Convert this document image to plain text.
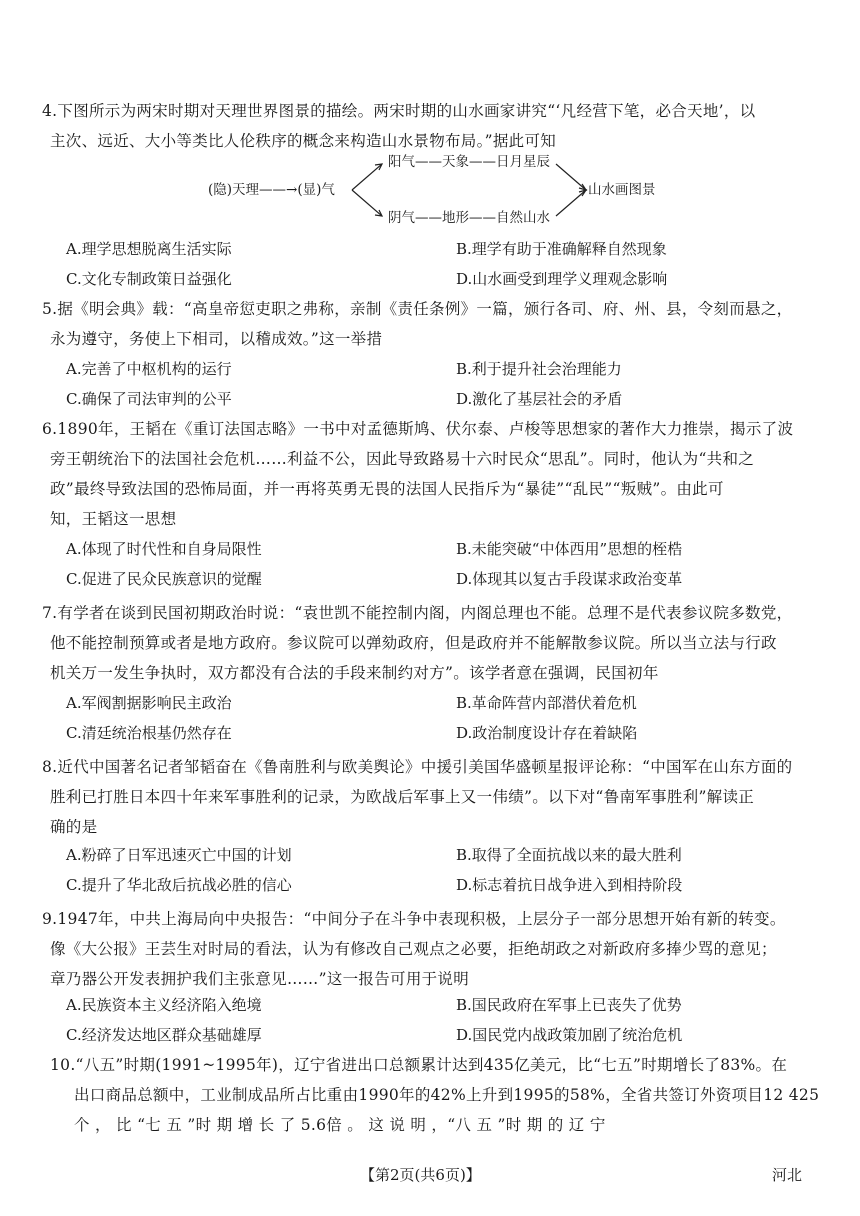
4.下图所示为两宋时期对天理世界图景的描绘。两宋时期的山水画家讲究“‘凡经营下笔，必合天地’，以
主次、远近、大小等类比人伦秩序的概念来构造山水景物布局。”据此可知
(隐)天理——→(显)气
阳气——天象——日月星辰
阴气——地形——自然山水
山水画图景
A.理学思想脱离生活实际	B.理学有助于准确解释自然现象
C.文化专制政策日益强化	D.山水画受到理学义理观念影响
5.据《明会典》载：“高皇帝愆吏职之弗称，亲制《责任条例》一篇，颁行各司、府、州、县，令刻而悬之，
永为遵守，务使上下相司，以稽成效。”这一举措
A.完善了中枢机构的运行	B.利于提升社会治理能力
C.确保了司法审判的公平	D.激化了基层社会的矛盾
6.1890年，王韬在《重订法国志略》一书中对孟德斯鸠、伏尔泰、卢梭等思想家的著作大力推崇，揭示了波
旁王朝统治下的法国社会危机……利益不公，因此导致路易十六时民众“思乱”。同时，他认为“共和之
政”最终导致法国的恐怖局面，并一再将英勇无畏的法国人民指斥为“暴徒”“乱民”“叛贼”。由此可
知，王韬这一思想
A.体现了时代性和自身局限性	B.未能突破“中体西用”思想的桎梏
C.促进了民众民族意识的觉醒	D.体现其以复古手段谋求政治变革
7.有学者在谈到民国初期政治时说：“袁世凯不能控制内阁，内阁总理也不能。总理不是代表参议院多数党，
他不能控制预算或者是地方政府。参议院可以弹劾政府，但是政府并不能解散参议院。所以当立法与行政
机关万一发生争执时，双方都没有合法的手段来制约对方”。该学者意在强调，民国初年
A.军阀割据影响民主政治	B.革命阵营内部潜伏着危机
C.清廷统治根基仍然存在	D.政治制度设计存在着缺陷
8.近代中国著名记者邹韬奋在《鲁南胜利与欧美舆论》中援引美国华盛顿星报评论称：“中国军在山东方面的
胜利已打胜日本四十年来军事胜利的记录，为欧战后军事上又一伟绩”。以下对“鲁南军事胜利”解读正
确的是
A.粉碎了日军迅速灭亡中国的计划	B.取得了全面抗战以来的最大胜利
C.提升了华北敌后抗战必胜的信心	D.标志着抗日战争进入到相持阶段
9.1947年，中共上海局向中央报告：“中间分子在斗争中表现积极，上层分子一部分思想开始有新的转变。
像《大公报》王芸生对时局的看法，认为有修改自己观点之必要，拒绝胡政之对新政府多捧少骂的意见；
章乃器公开发表拥护我们主张意见……”这一报告可用于说明
A.民族资本主义经济陷入绝境	B.国民政府在军事上已丧失了优势
C.经济发达地区群众基础雄厚	D.国民党内战政策加剧了统治危机
10.“八五”时期(1991~1995年)，辽宁省进出口总额累计达到435亿美元，比“七五”时期增长了83%。在
出口商品总额中，工业制成品所占比重由1990年的42%上升到1995的58%，全省共签订外资项目12 425
个 ， 比 “七 五 ”时 期 增 长 了 5.6倍 。 这 说 明 ，“八 五 ”时 期 的 辽 宁
【第2页(共6页)】	河北
